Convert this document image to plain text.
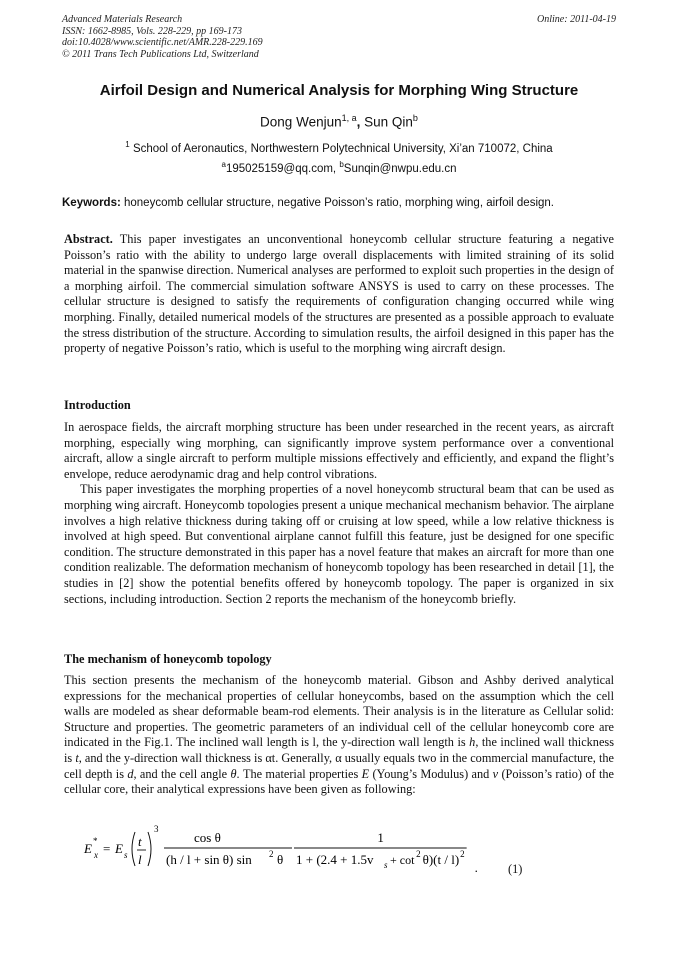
Advanced Materials Research
ISSN: 1662-8985, Vols. 228-229, pp 169-173
doi:10.4028/www.scientific.net/AMR.228-229.169
© 2011 Trans Tech Publications Ltd, Switzerland
Online: 2011-04-19
Airfoil Design and Numerical Analysis for Morphing Wing Structure
Dong Wenjun$^{1, a}$, Sun Qin$^b$
$^1$ School of Aeronautics, Northwestern Polytechnical University, Xi’an 710072, China
$^a$195025159@qq.com, $^b$Sunqin@nwpu.edu.cn
Keywords: honeycomb cellular structure, negative Poisson’s ratio, morphing wing, airfoil design.

Abstract. This paper investigates an unconventional honeycomb cellular structure featuring a negative Poisson’s ratio with the ability to undergo large overall displacements with limited straining of its solid material in the spanwise direction. Numerical analyses are performed to exploit such properties in the design of a morphing airfoil. The commercial simulation software ANSYS is used to carry on these processes. The cellular structure is designed to satisfy the requirements of configuration changing occurred while wing morphing. Finally, detailed numerical models of the structures are presented as a possible approach to evaluate the stress distribution of the structure. According to simulation results, the airfoil designed in this paper has the property of negative Poisson’s ratio, which is useful to the morphing wing aircraft design.

Introduction

In aerospace fields, the aircraft morphing structure has been under researched in the recent years, as aircraft morphing, especially wing morphing, can significantly improve system performance over a conventional aircraft, allow a single aircraft to perform multiple missions effectively and efficiently, and expand the flight’s envelope, reduce aerodynamic drag and help control vibrations.

This paper investigates the morphing properties of a novel honeycomb structural beam that can be used as morphing wing aircraft. Honeycomb topologies present a unique mechanical mechanism behavior. The airplane involves a high relative thickness during taking off or cruising at low speed, while a low relative thickness is involved at high speed. But conventional airplane cannot fulfill this feature, just be designed for one specific condition. The structure demonstrated in this paper has a novel feature that makes an aircraft for more than one condition realizable. The deformation mechanism of honeycomb topology has been researched in detail [1], the studies in [2] show the potential benefits offered by honeycomb topology. The paper is organized in six sections, including introduction. Section 2 reports the mechanism of the honeycomb briefly.

The mechanism of honeycomb topology

This section presents the mechanism of the honeycomb material. Gibson and Ashby derived analytical expressions for the mechanical properties of cellular honeycombs, based on the assumption which the cell walls are modeled as shear deformable beam-rod elements. Their analysis is in the literature as Cellular solid: Structure and properties. The geometric parameters of an individual cell of the cellular honeycomb core are indicated in the Fig.1. The inclined wall length is l, the y-direction wall length is h, the inclined wall thickness is t, and the y-direction wall thickness is αt. Generally, α usually equals two in the commercial manufacture, the cell depth is d, and the cell angle θ. The material properties E (Young’s Modulus) and v (Poisson’s ratio) of the cellular core, their analytical expressions have been given as following:

E *
x = E s
t
l
3
cos θ
(h / l + sin θ) sin 2 θ
1
1 + (2.4 + 1.5v s + cot 2 θ)(t / l) 2
. (1)
